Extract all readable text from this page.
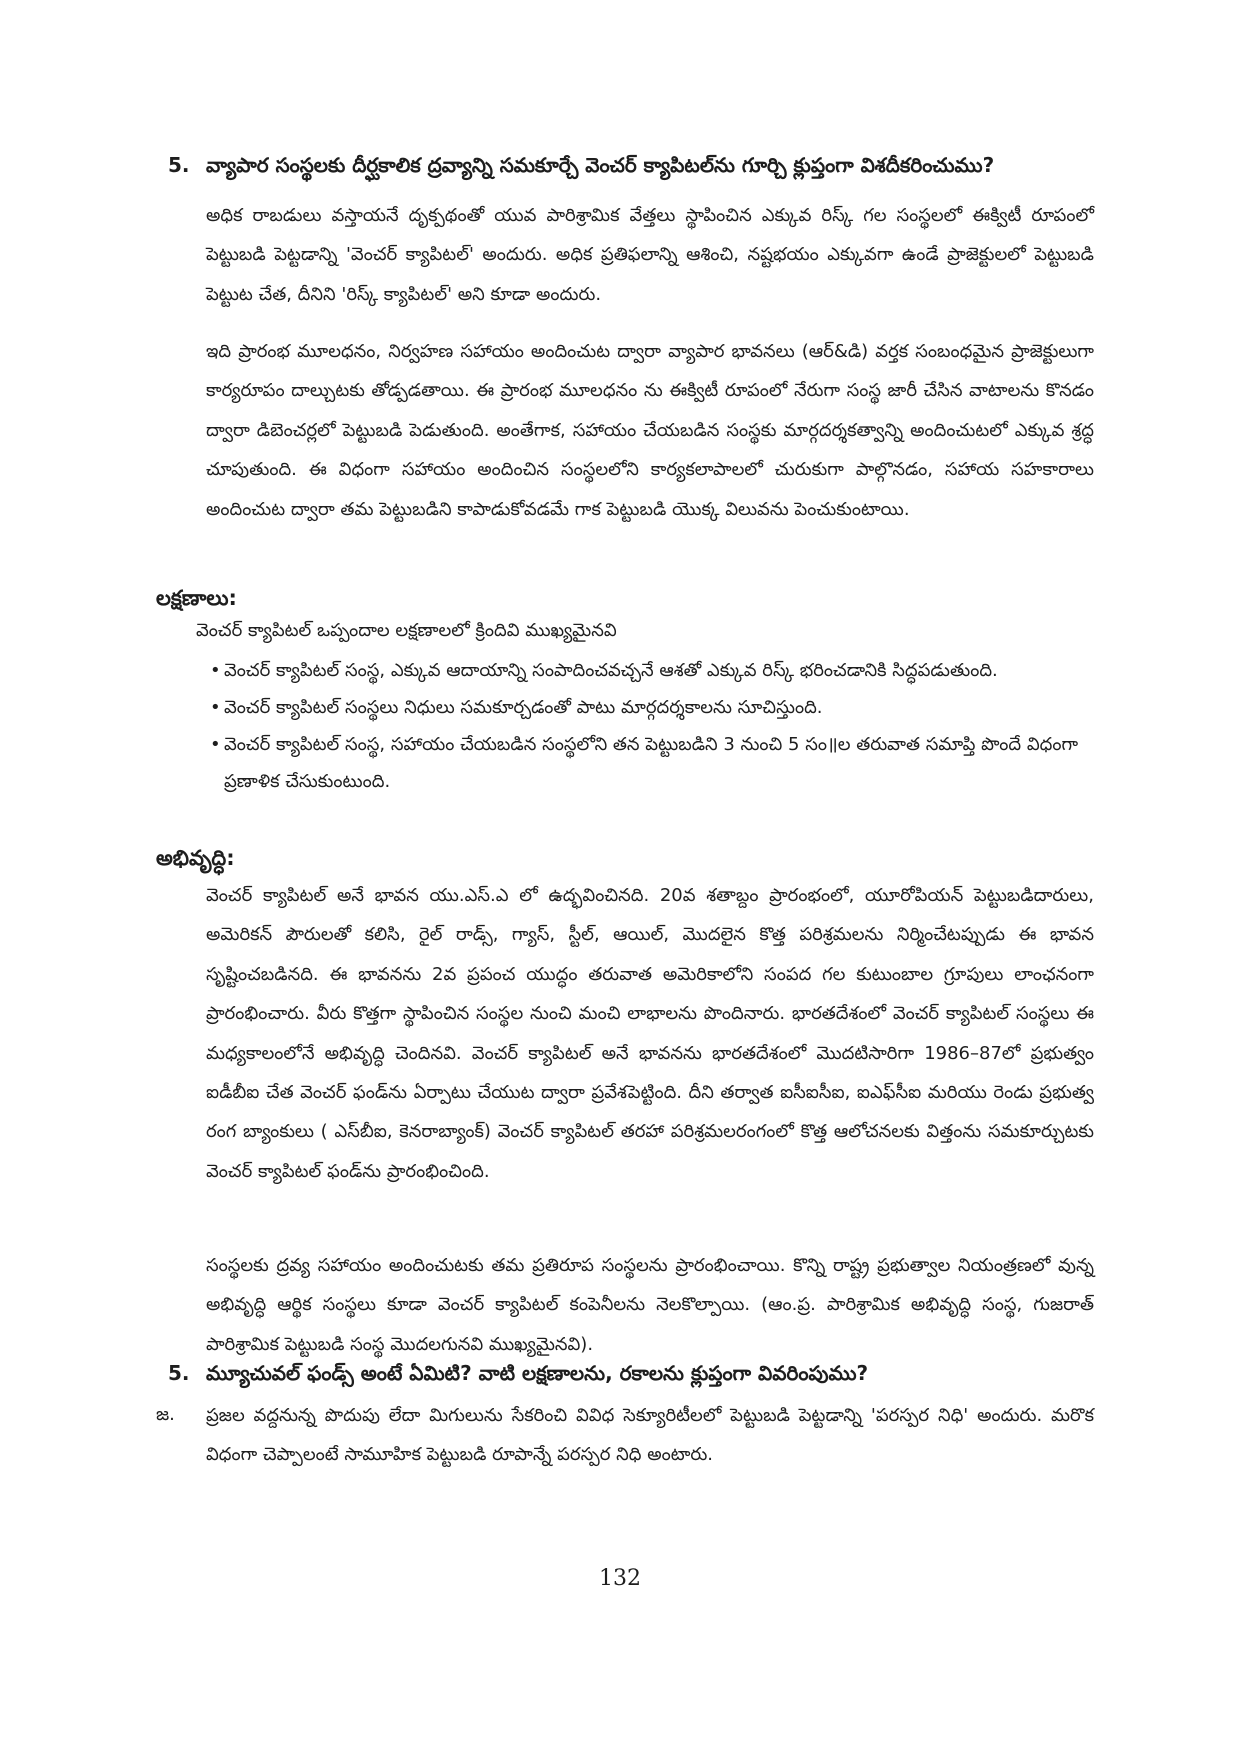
5. వ్యాపార సంస్థలకు దీర్ఘకాలిక ద్రవ్యాన్ని సమకూర్చే వెంచర్ క్యాపిటల్‌ను గూర్చి క్లుప్తంగా విశదీకరించుము?
అధిక రాబడులు వస్తాయనే దృక్పథంతో యువ పారిశ్రామిక వేత్తలు స్థాపించిన ఎక్కువ రిస్క్ గల సంస్థలలో ఈక్విటీ రూపంలో పెట్టుబడి పెట్టడాన్ని 'వెంచర్ క్యాపిటల్' అందురు. అధిక ప్రతిఫలాన్ని ఆశించి, నష్టభయం ఎక్కువగా ఉండే ప్రాజెక్టులలో పెట్టుబడి పెట్టుట చేత, దీనిని 'రిస్క్ క్యాపిటల్' అని కూడా అందురు.
ఇది ప్రారంభ మూలధనం, నిర్వహణ సహాయం అందించుట ద్వారా వ్యాపార భావనలు (ఆర్&డి) వర్తక సంబంధమైన ప్రాజెక్టులుగా కార్యరూపం దాల్చుటకు తోడ్పడతాయి. ఈ ప్రారంభ మూలధనం ను ఈక్విటీ రూపంలో నేరుగా సంస్థ జారీ చేసిన వాటాలను కొనడం ద్వారా డిబెంచర్లలో పెట్టుబడి పెడుతుంది. అంతేగాక, సహాయం చేయబడిన సంస్థకు మార్గదర్శకత్వాన్ని అందించుటలో ఎక్కువ శ్రద్ధ చూపుతుంది. ఈ విధంగా సహాయం అందించిన సంస్థలలోని కార్యకలాపాలలో చురుకుగా పాల్గొనడం, సహాయ సహకారాలు అందించుట ద్వారా తమ పెట్టుబడిని కాపాడుకోవడమే గాక పెట్టుబడి యొక్క విలువను పెంచుకుంటాయి.
లక్షణాలు:
వెంచర్ క్యాపిటల్ ఒప్పందాల లక్షణాలలో క్రిందివి ముఖ్యమైనవి
• వెంచర్ క్యాపిటల్ సంస్థ, ఎక్కువ ఆదాయాన్ని సంపాదించవచ్చనే ఆశతో ఎక్కువ రిస్క్ భరించడానికి సిద్ధపడుతుంది.
• వెంచర్ క్యాపిటల్ సంస్థలు నిధులు సమకూర్చడంతో పాటు మార్గదర్శకాలను సూచిస్తుంది.
• వెంచర్ క్యాపిటల్ సంస్థ, సహాయం చేయబడిన సంస్థలోని తన పెట్టుబడిని 3 నుంచి 5 సం॥ల తరువాత సమాప్తి పొందే విధంగా ప్రణాళిక చేసుకుంటుంది.
అభివృద్ధి:
వెంచర్ క్యాపిటల్ అనే భావన యు.ఎస్.ఎ లో ఉద్భవించినది. 20వ శతాబ్దం ప్రారంభంలో, యూరోపియన్ పెట్టుబడిదారులు, అమెరికన్ పౌరులతో కలిసి, రైల్ రాడ్స్, గ్యాస్, స్టీల్, ఆయిల్, మొదలైన కొత్త పరిశ్రమలను నిర్మించేటప్పుడు ఈ భావన సృష్టించబడినది. ఈ భావనను 2వ ప్రపంచ యుద్ధం తరువాత అమెరికాలోని సంపద గల కుటుంబాల గ్రూపులు లాంఛనంగా ప్రారంభించారు. వీరు కొత్తగా స్థాపించిన సంస్థల నుంచి మంచి లాభాలను పొందినారు. భారతదేశంలో వెంచర్ క్యాపిటల్ సంస్థలు ఈ మధ్యకాలంలోనే అభివృద్ధి చెందినవి. వెంచర్ క్యాపిటల్ అనే భావనను భారతదేశంలో మొదటిసారిగా 1986–87లో ప్రభుత్వం ఐడీబీఐ చేత వెంచర్ ఫండ్‌ను ఏర్పాటు చేయుట ద్వారా ప్రవేశపెట్టింది. దీని తర్వాత ఐసీఐసీఐ, ఐఎఫ్‌సీఐ మరియు రెండు ప్రభుత్వ రంగ బ్యాంకులు ( ఎస్‌బీఐ, కెనరాబ్యాంక్) వెంచర్ క్యాపిటల్ తరహా పరిశ్రమలరంగంలో కొత్త ఆలోచనలకు విత్తంను సమకూర్చుటకు వెంచర్ క్యాపిటల్ ఫండ్‌ను ప్రారంభించింది.
సంస్థలకు ద్రవ్య సహాయం అందించుటకు తమ ప్రతిరూప సంస్థలను ప్రారంభించాయి. కొన్ని రాష్ట్ర ప్రభుత్వాల నియంత్రణలో వున్న అభివృద్ధి ఆర్థిక సంస్థలు కూడా వెంచర్ క్యాపిటల్ కంపెనీలను నెలకొల్పాయి. (ఆం.ప్ర. పారిశ్రామిక అభివృద్ధి సంస్థ, గుజరాత్ పారిశ్రామిక పెట్టుబడి సంస్థ మొదలగునవి ముఖ్యమైనవి).
5. మ్యూచువల్ ఫండ్స్ అంటే ఏమిటి? వాటి లక్షణాలను, రకాలను క్లుప్తంగా వివరింపుము?
జ. ప్రజల వద్దనున్న పొదుపు లేదా మిగులును సేకరించి వివిధ సెక్యూరిటీలలో పెట్టుబడి పెట్టడాన్ని 'పరస్పర నిధి' అందురు. మరొక విధంగా చెప్పాలంటే సామూహిక పెట్టుబడి రూపాన్నే పరస్పర నిధి అంటారు.
132
